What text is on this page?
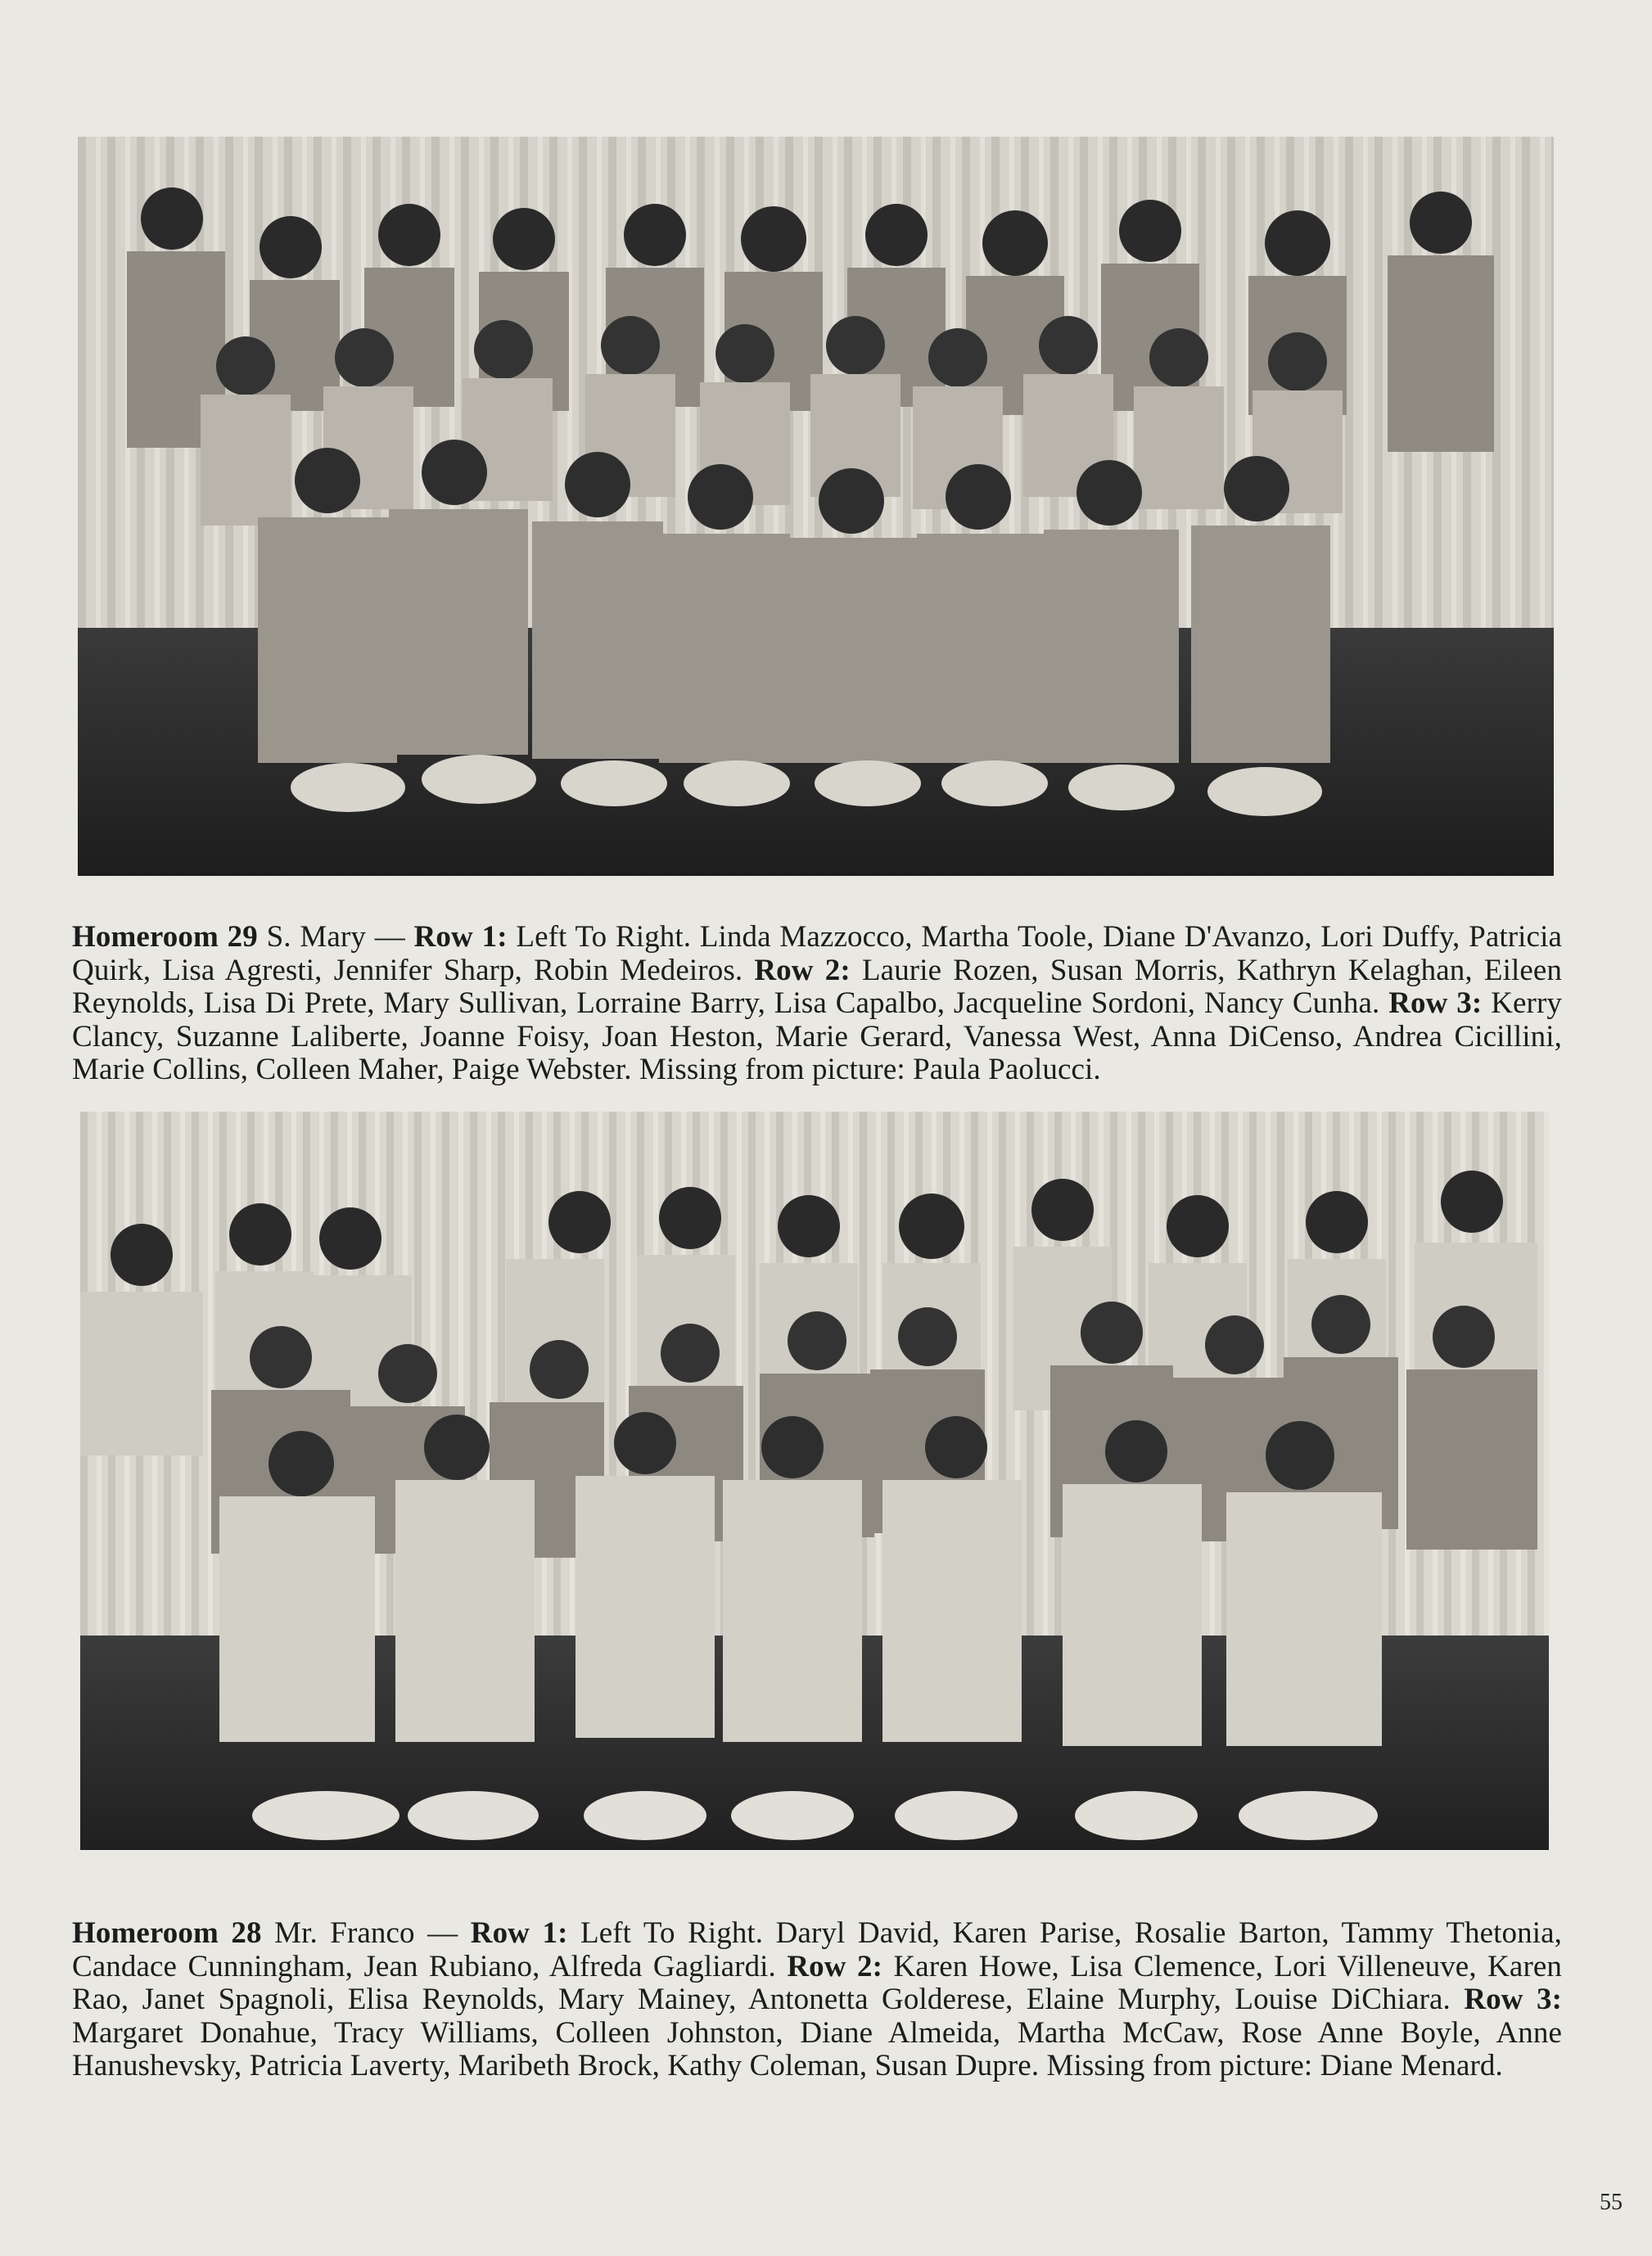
Homeroom 29 S. Mary — Row 1: Left To Right. Linda Mazzocco, Martha Toole, Diane D'Avanzo, Lori Duffy, Patricia Quirk, Lisa Agresti, Jennifer Sharp, Robin Medeiros. Row 2: Laurie Rozen, Susan Morris, Kathryn Kelaghan, Eileen Reynolds, Lisa Di Prete, Mary Sullivan, Lorraine Barry, Lisa Capalbo, Jacqueline Sordoni, Nancy Cunha. Row 3: Kerry Clancy, Suzanne Laliberte, Joanne Foisy, Joan Heston, Marie Gerard, Vanessa West, Anna DiCenso, Andrea Cicillini, Marie Collins, Colleen Maher, Paige Webster. Missing from picture: Paula Paolucci.

Homeroom 28 Mr. Franco — Row 1: Left To Right. Daryl David, Karen Parise, Rosalie Barton, Tammy Thetonia, Candace Cunningham, Jean Rubiano, Alfreda Gagliardi. Row 2: Karen Howe, Lisa Clemence, Lori Villeneuve, Karen Rao, Janet Spagnoli, Elisa Reynolds, Mary Mainey, Antonetta Golderese, Elaine Murphy, Louise DiChiara. Row 3: Margaret Donahue, Tracy Williams, Colleen Johnston, Diane Almeida, Martha McCaw, Rose Anne Boyle, Anne Hanushevsky, Patricia Laverty, Maribeth Brock, Kathy Coleman, Susan Dupre. Missing from picture: Diane Menard.

55
